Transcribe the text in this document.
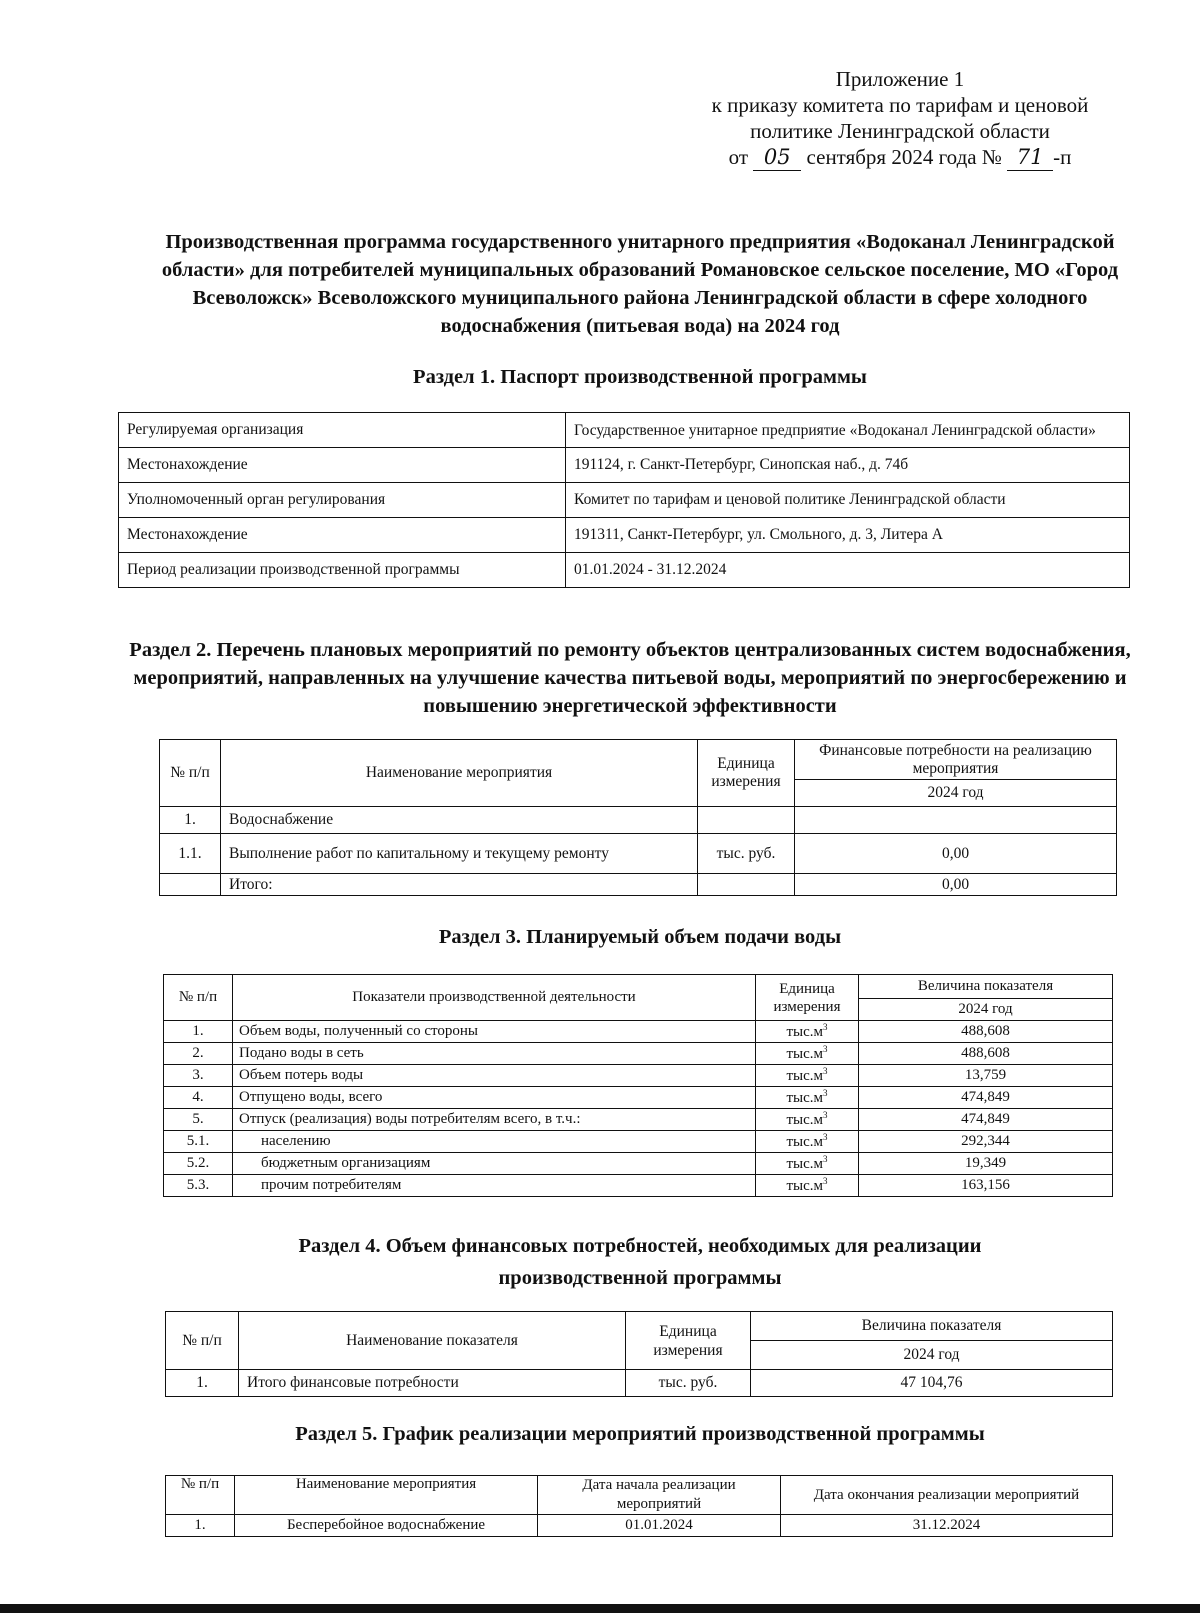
Приложение 1
к приказу комитета по тарифам и ценовой
политике Ленинградской области
от 05 сентября 2024 года № 71 -п
Производственная программа государственного унитарного предприятия «Водоканал Ленинградской области» для потребителей муниципальных образований Романовское сельское поселение, МО «Город Всеволожск» Всеволожского муниципального района Ленинградской области в сфере холодного водоснабжения (питьевая вода) на 2024 год
Раздел 1. Паспорт производственной программы
Регулируемая организация	Государственное унитарное предприятие «Водоканал Ленинградской области»
Местонахождение	191124, г. Санкт-Петербург, Синопская наб., д. 74б
Уполномоченный орган регулирования	Комитет по тарифам и ценовой политике Ленинградской области
Местонахождение	191311, Санкт-Петербург, ул. Смольного, д. 3, Литера А
Период реализации производственной программы	01.01.2024 - 31.12.2024
Раздел 2. Перечень плановых мероприятий по ремонту объектов централизованных систем водоснабжения, мероприятий, направленных на улучшение качества питьевой воды, мероприятий по энергосбережению и повышению энергетической эффективности
№ п/п	Наименование мероприятия	Единица измерения	Финансовые потребности на реализацию мероприятия
			2024 год
1.	Водоснабжение		
1.1.	Выполнение работ по капитальному и текущему ремонту	тыс. руб.	0,00
	Итого:		0,00
Раздел 3. Планируемый объем подачи воды
№ п/п	Показатели производственной деятельности	Единица измерения	Величина показателя
			2024 год
1.	Объем воды, полученный со стороны	$тыс.м^3$	488,608
2.	Подано воды в сеть	$тыс.м^3$	488,608
3.	Объем потерь воды	$тыс.м^3$	13,759
4.	Отпущено воды, всего	$тыс.м^3$	474,849
5.	Отпуск (реализация) воды потребителям всего, в т.ч.:	$тыс.м^3$	474,849
5.1.	населению	$тыс.м^3$	292,344
5.2.	бюджетным организациям	$тыс.м^3$	19,349
5.3.	прочим потребителям	$тыс.м^3$	163,156
Раздел 4. Объем финансовых потребностей, необходимых для реализации
производственной программы
№ п/п	Наименование показателя	Единица измерения	Величина показателя
			2024 год
1.	Итого финансовые потребности	тыс. руб.	47 104,76
Раздел 5. График реализации мероприятий производственной программы
№ п/п	Наименование мероприятия	Дата начала реализации мероприятий	Дата окончания реализации мероприятий
1.	Бесперебойное водоснабжение	01.01.2024	31.12.2024
